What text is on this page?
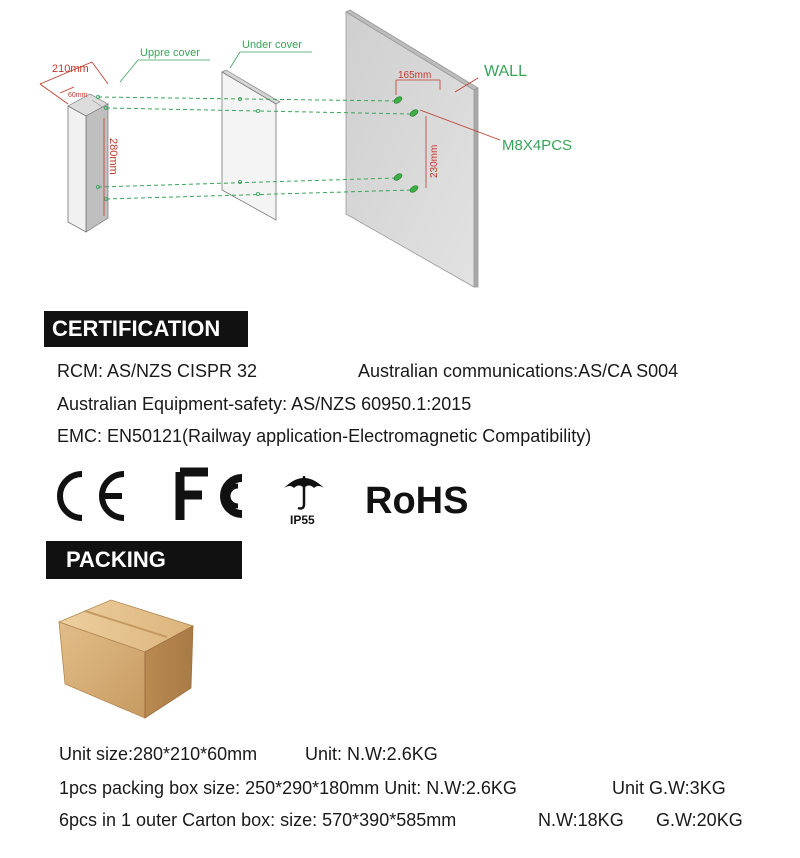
210mm
60mm
280mm
Uppre cover
Under cover
165mm
230mm
WALL
M8X4PCS
CERTIFICATION
RCM: AS/NZS CISPR 32	Australian communications:AS/CA S004
Australian Equipment-safety: AS/NZS 60950.1:2015
EMC: EN50121(Railway application-Electromagnetic Compatibility)
IP55 RoHS
PACKING
Unit size:280*210*60mm	Unit: N.W:2.6KG
1pcs packing box size: 250*290*180mm Unit: N.W:2.6KG	Unit G.W:3KG
6pcs in 1 outer Carton box: size: 570*390*585mm	N.W:18KG G.W:20KG
